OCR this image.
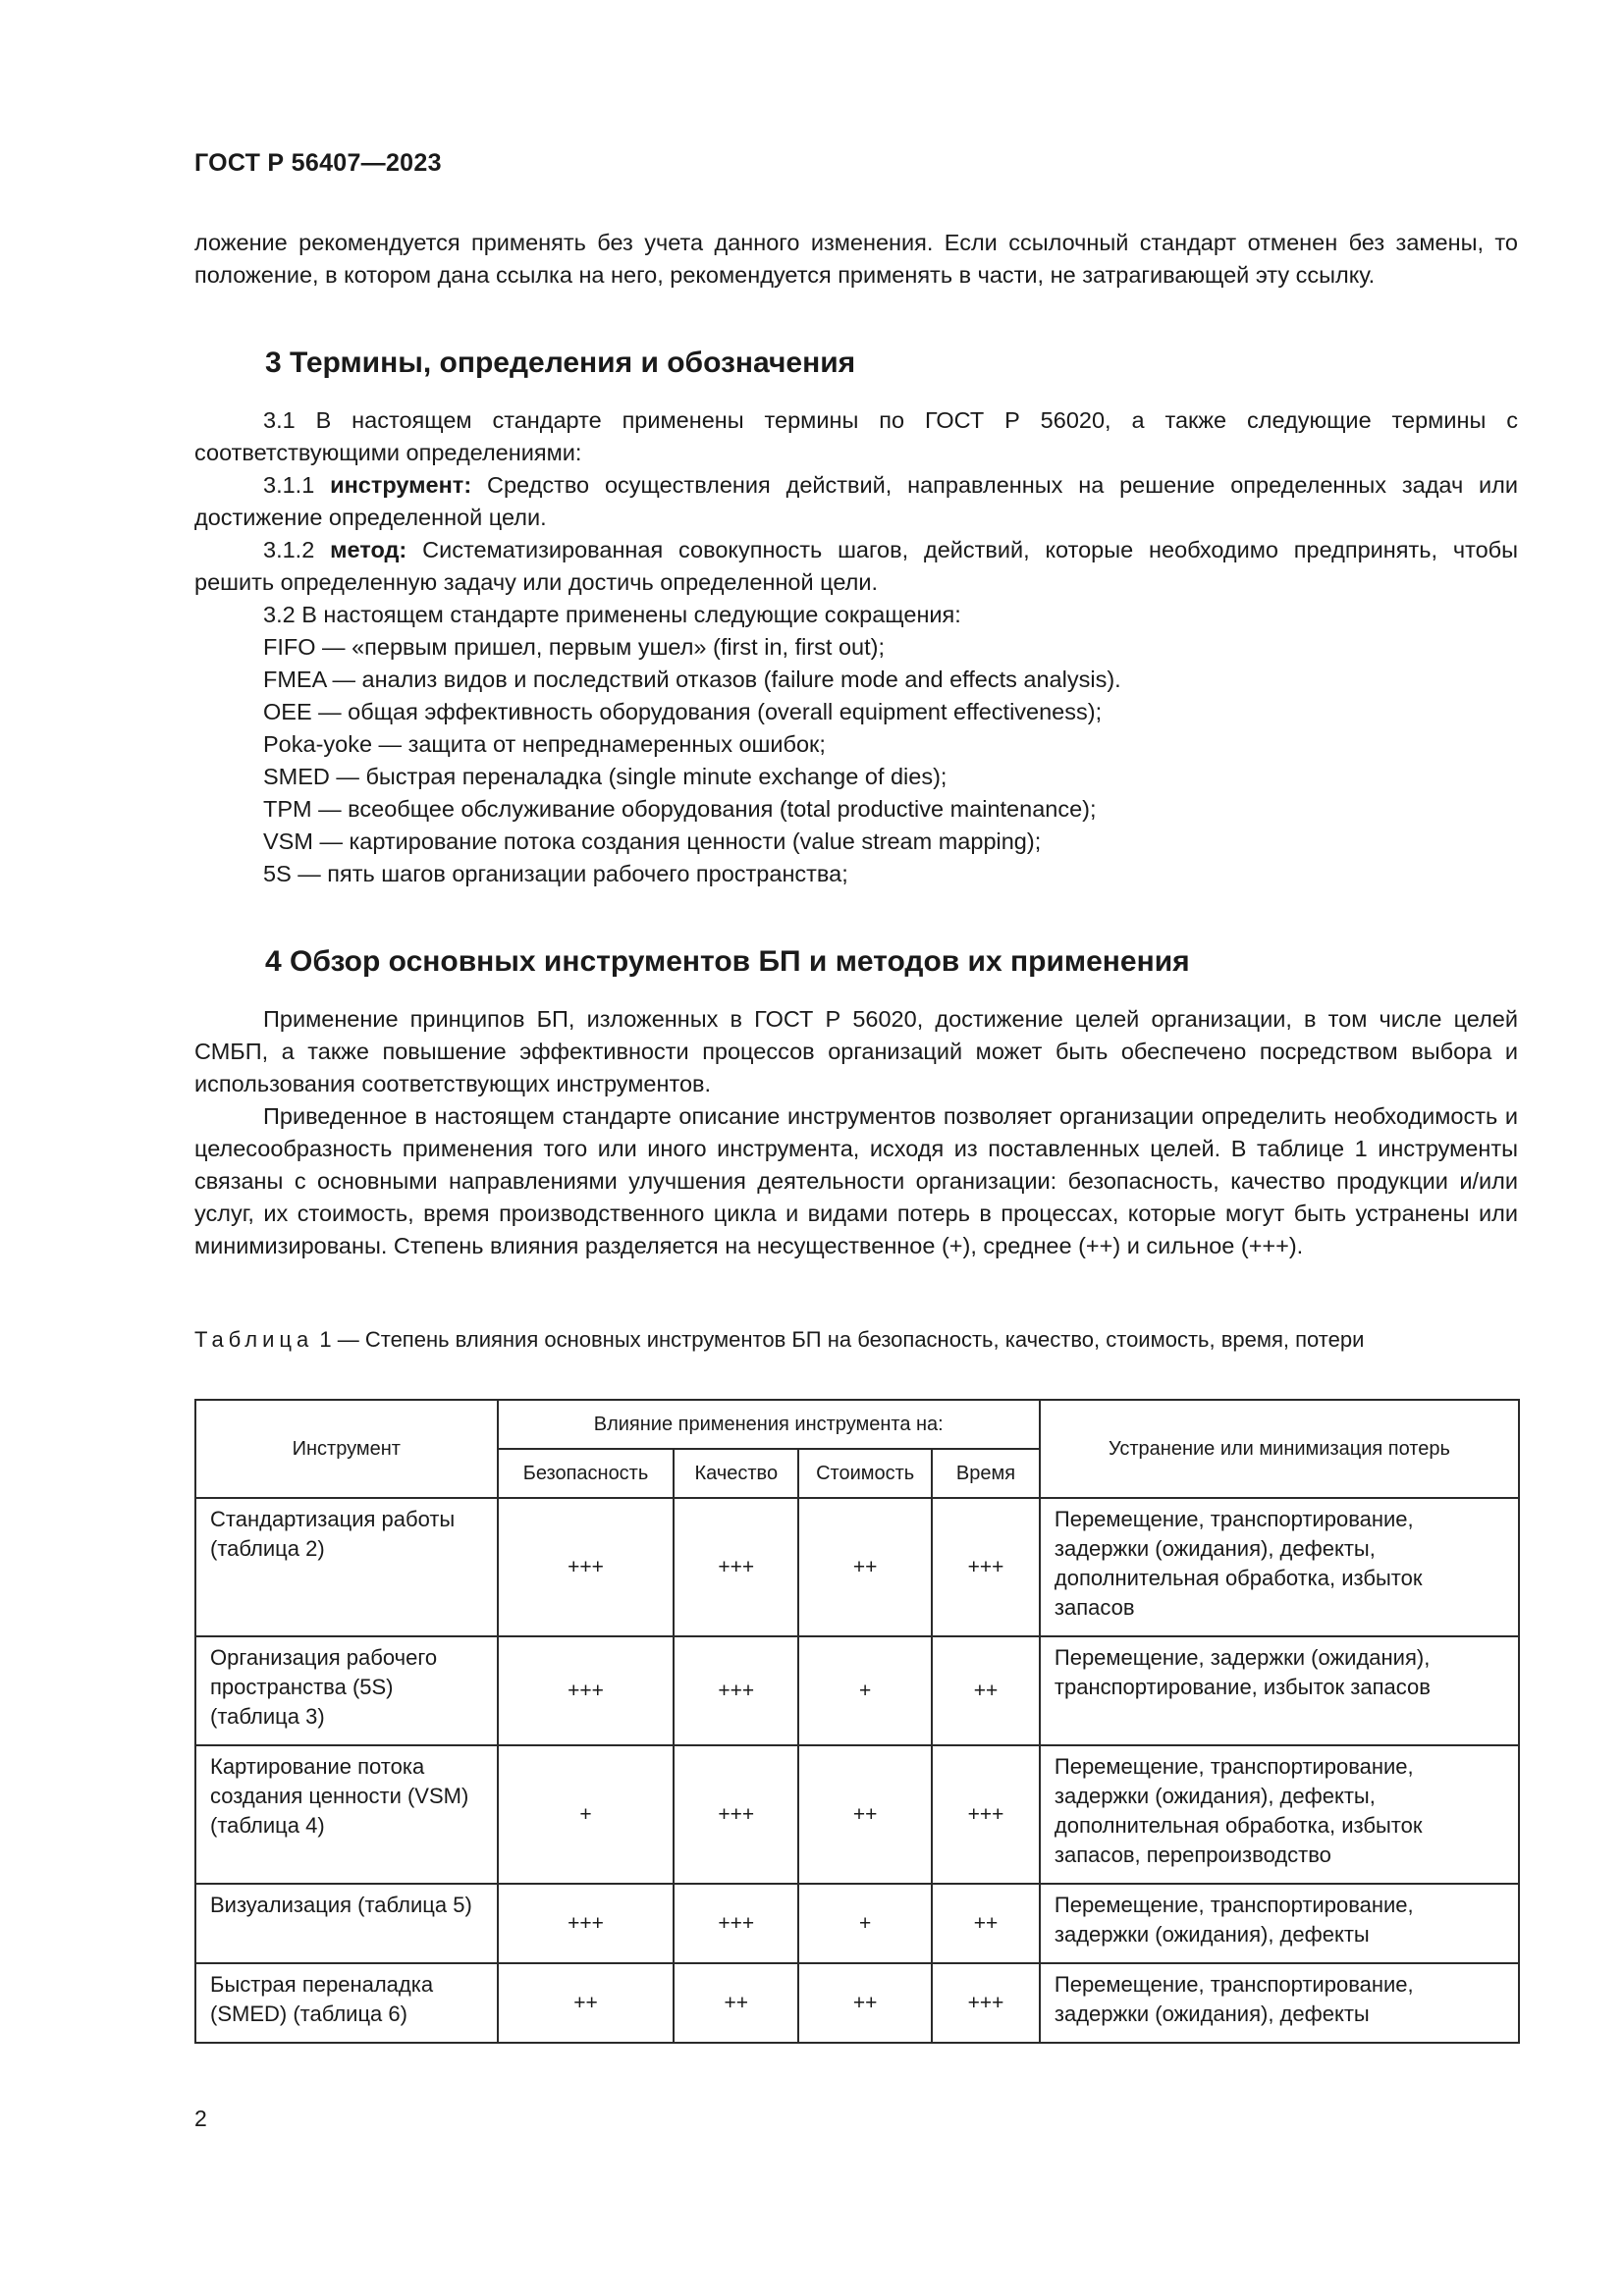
ГОСТ Р 56407—2023

ложение рекомендуется применять без учета данного изменения. Если ссылочный стандарт отменен без замены, то положение, в котором дана ссылка на него, рекомендуется применять в части, не затрагивающей эту ссылку.

3 Термины, определения и обозначения

3.1 В настоящем стандарте применены термины по ГОСТ Р 56020, а также следующие термины с соответствующими определениями:

3.1.1 инструмент: Средство осуществления действий, направленных на решение определенных задач или достижение определенной цели.

3.1.2 метод: Систематизированная совокупность шагов, действий, которые необходимо предпринять, чтобы решить определенную задачу или достичь определенной цели.

3.2 В настоящем стандарте применены следующие сокращения:

FIFO — «первым пришел, первым ушел» (first in, first out);

FMEA — анализ видов и последствий отказов (failure mode and effects analysis).

OEE — общая эффективность оборудования (overall equipment effectiveness);

Poka-yoke — защита от непреднамеренных ошибок;

SMED — быстрая переналадка (single minute exchange of dies);

TPM — всеобщее обслуживание оборудования (total productive maintenance);

VSM — картирование потока создания ценности (value stream mapping);

5S — пять шагов организации рабочего пространства;

4 Обзор основных инструментов БП и методов их применения

Применение принципов БП, изложенных в ГОСТ Р 56020, достижение целей организации, в том числе целей СМБП, а также повышение эффективности процессов организаций может быть обеспечено посредством выбора и использования соответствующих инструментов.

Приведенное в настоящем стандарте описание инструментов позволяет организации определить необходимость и целесообразность применения того или иного инструмента, исходя из поставленных целей. В таблице 1 инструменты связаны с основными направлениями улучшения деятельности организации: безопасность, качество продукции и/или услуг, их стоимость, время производственного цикла и видами потерь в процессах, которые могут быть устранены или минимизированы. Степень влияния разделяется на несущественное (+), среднее (++) и сильное (+++).

Таблица 1 — Степень влияния основных инструментов БП на безопасность, качество, стоимость, время, потери
Инструмент	Влияние применения инструмента на:				Устранение или минимизация потерь
	Безопасность	Качество	Стоимость	Время	
Стандартизация работы (таблица 2)	+++	+++	++	+++	Перемещение, транспортирование, задержки (ожидания), дефекты, дополнительная обработка, избыток запасов
Организация рабочего пространства (5S) (таблица 3)	+++	+++	+	++	Перемещение, задержки (ожидания), транспортирование, избыток запасов
Картирование потока создания ценности (VSM) (таблица 4)	+	+++	++	+++	Перемещение, транспортирование, задержки (ожидания), дефекты, дополнительная обработка, избыток запасов, перепроизводство
Визуализация (таблица 5)	+++	+++	+	++	Перемещение, транспортирование, задержки (ожидания), дефекты
Быстрая переналадка (SMED) (таблица 6)	++	++	++	+++	Перемещение, транспортирование, задержки (ожидания), дефекты
2
